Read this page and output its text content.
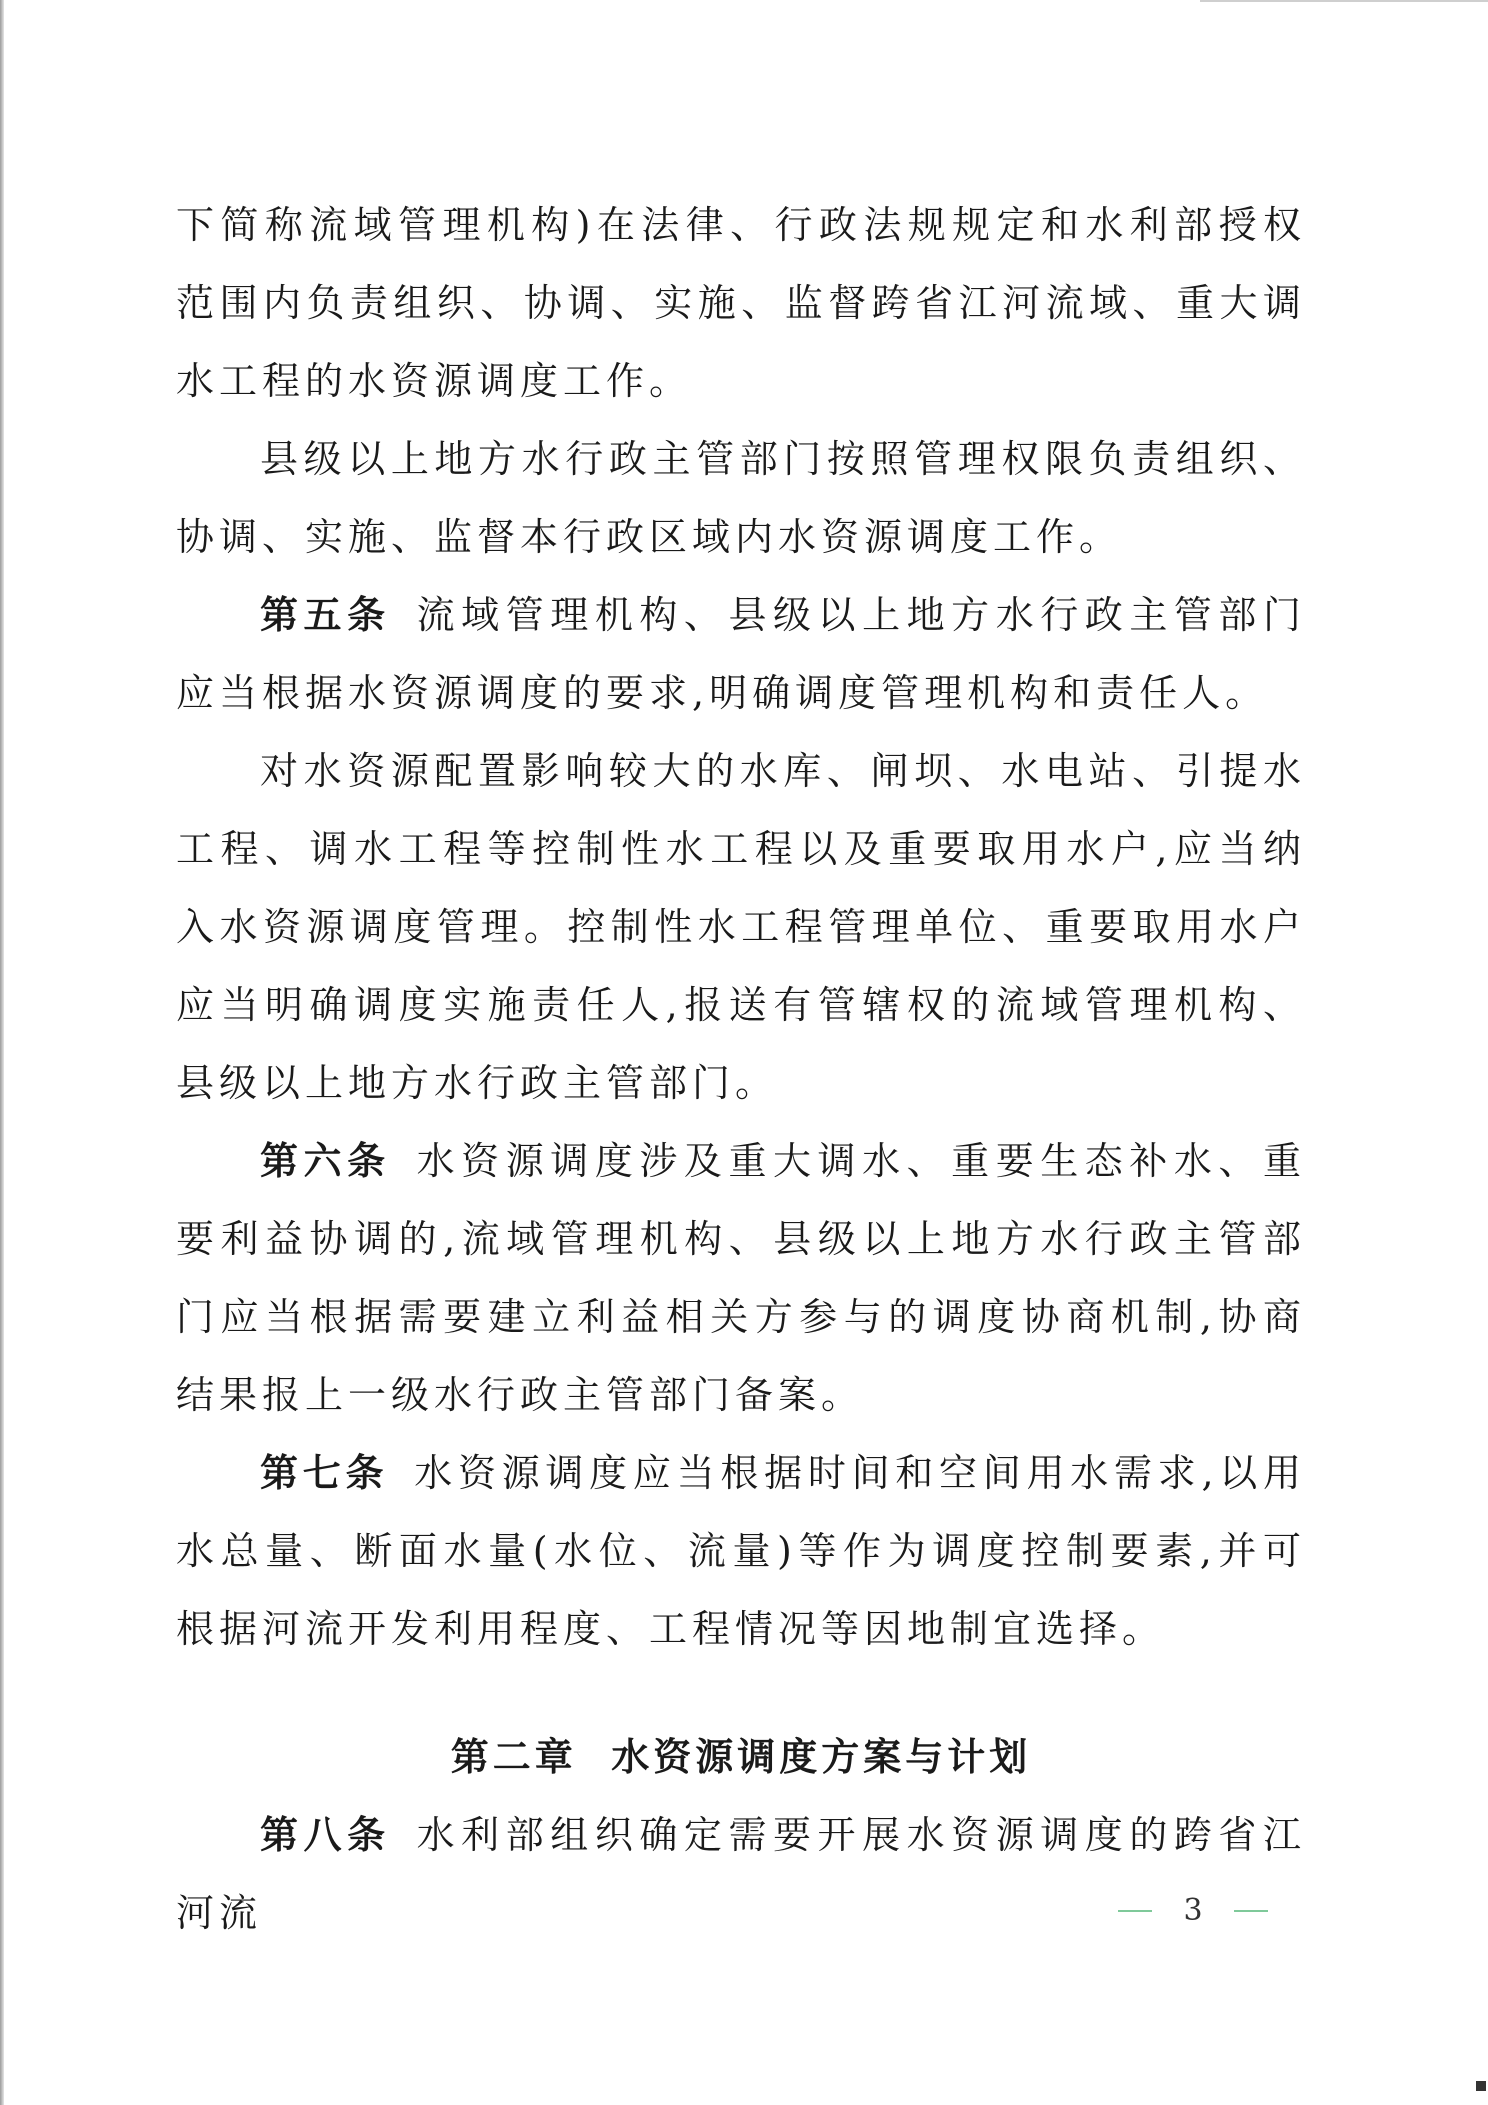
下简称流域管理机构)在法律、行政法规规定和水利部授权范围内负责组织、协调、实施、监督跨省江河流域、重大调水工程的水资源调度工作。

县级以上地方水行政主管部门按照管理权限负责组织、协调、实施、监督本行政区域内水资源调度工作。

第五条 流域管理机构、县级以上地方水行政主管部门应当根据水资源调度的要求,明确调度管理机构和责任人。

对水资源配置影响较大的水库、闸坝、水电站、引提水工程、调水工程等控制性水工程以及重要取用水户,应当纳入水资源调度管理。控制性水工程管理单位、重要取用水户应当明确调度实施责任人,报送有管辖权的流域管理机构、县级以上地方水行政主管部门。

第六条 水资源调度涉及重大调水、重要生态补水、重要利益协调的,流域管理机构、县级以上地方水行政主管部门应当根据需要建立利益相关方参与的调度协商机制,协商结果报上一级水行政主管部门备案。

第七条 水资源调度应当根据时间和空间用水需求,以用水总量、断面水量(水位、流量)等作为调度控制要素,并可根据河流开发利用程度、工程情况等因地制宜选择。

第二章  水资源调度方案与计划

第八条 水利部组织确定需要开展水资源调度的跨省江河流	3
